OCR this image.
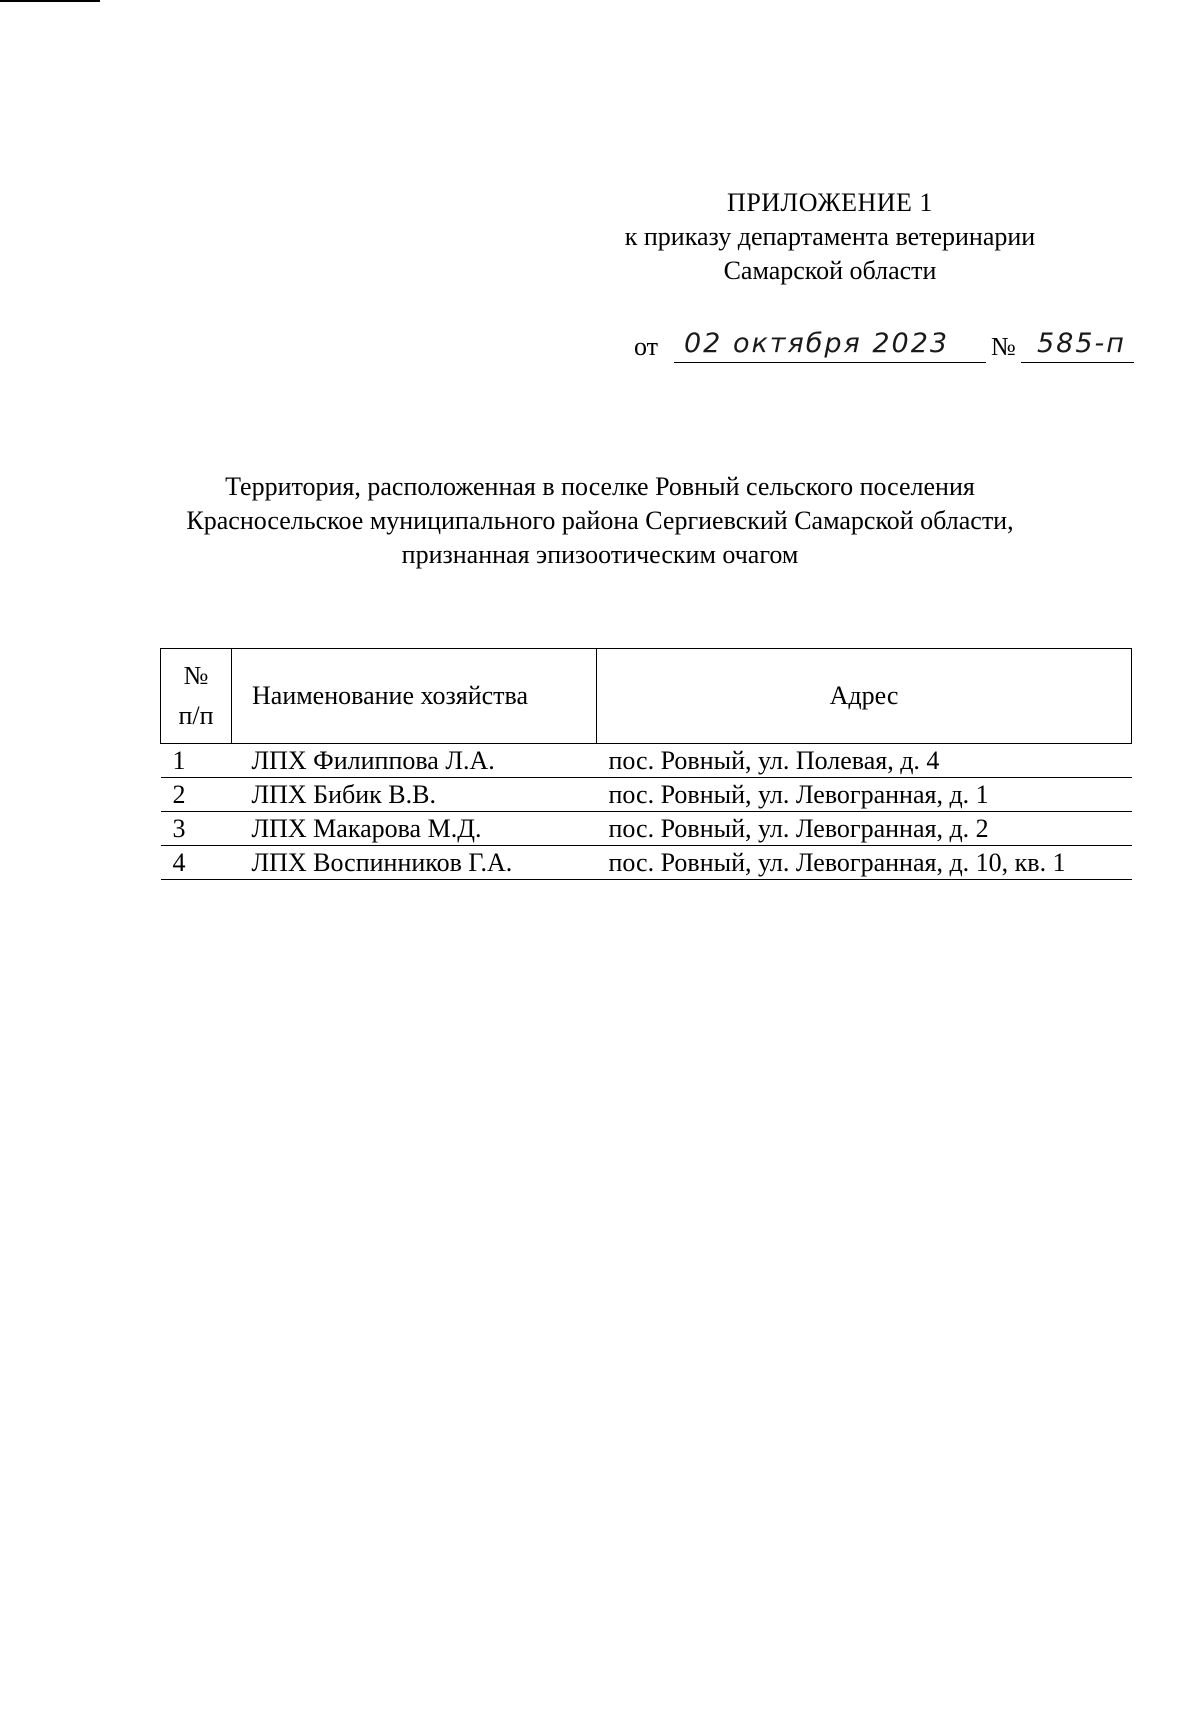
ПРИЛОЖЕНИЕ 1
к приказу департамента ветеринарии
Самарской области
от 02 октября 2023 № 585-п
Территория, расположенная в поселке Ровный сельского поселения
Красносельское муниципального района Сергиевский Самарской области,
признанная эпизоотическим очагом
№
п/п	Наименование хозяйства	Адрес
1	ЛПХ Филиппова Л.А.	пос. Ровный, ул. Полевая, д. 4
2	ЛПХ Бибик В.В.	пос. Ровный, ул. Левогранная, д. 1
3	ЛПХ Макарова М.Д.	пос. Ровный, ул. Левогранная, д. 2
4	ЛПХ Воспинников Г.А.	пос. Ровный, ул. Левогранная, д. 10, кв. 1
